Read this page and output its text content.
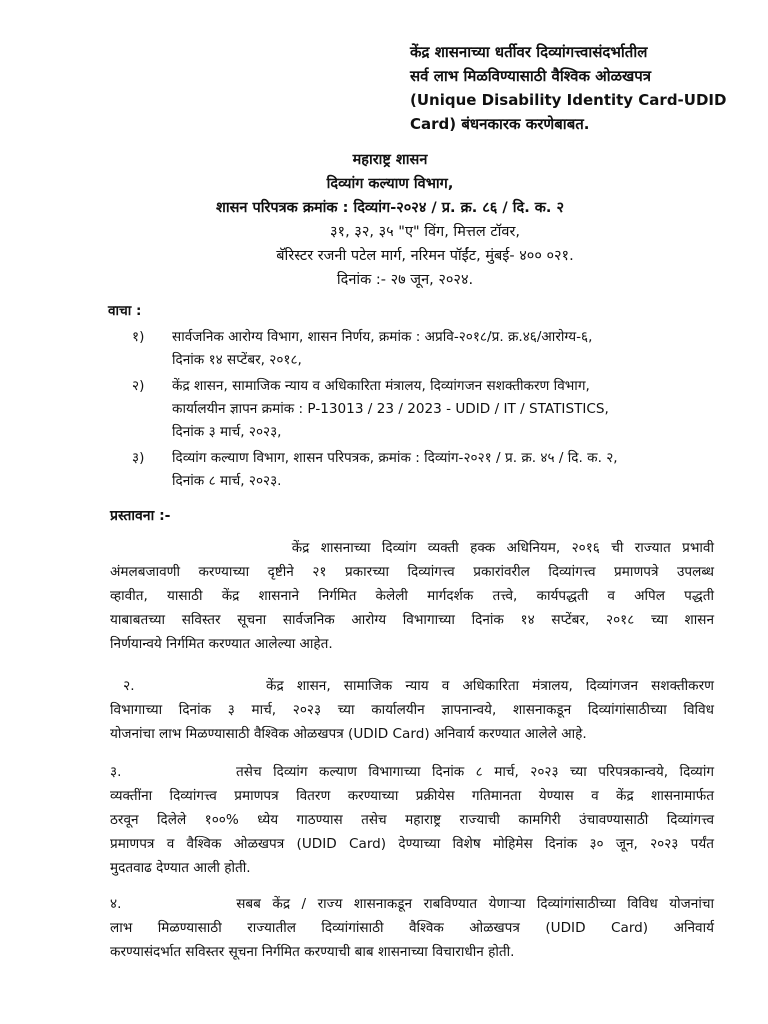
केंद्र शासनाच्या धर्तीवर दिव्यांगत्त्वासंदर्भातील
सर्व लाभ मिळविण्यासाठी वैश्विक ओळखपत्र
(Unique Disability Identity Card-UDID
Card) बंधनकारक करणेबाबत.
महाराष्ट्र शासन
दिव्यांग कल्याण विभाग,
शासन परिपत्रक क्रमांक : दिव्यांग-२०२४ / प्र. क्र. ८६ / दि. क. २
३१, ३२, ३५ "ए" विंग, मित्तल टॉवर,
बॅरिस्टर रजनी पटेल मार्ग, नरिमन पॉईंट, मुंबई- ४०० ०२१.
दिनांक :- २७ जून, २०२४.
वाचा :
१)	सार्वजनिक आरोग्य विभाग, शासन निर्णय, क्रमांक : अप्रवि-२०१८/प्र. क्र.४६/आरोग्य-६,
दिनांक १४ सप्टेंबर, २०१८,
२)	केंद्र शासन, सामाजिक न्याय व अधिकारिता मंत्रालय, दिव्यांगजन सशक्तीकरण विभाग,
कार्यालयीन ज्ञापन क्रमांक : P-13013 / 23 / 2023 - UDID / IT / STATISTICS,
दिनांक ३ मार्च, २०२३,
३)	दिव्यांग कल्याण विभाग, शासन परिपत्रक, क्रमांक : दिव्यांग-२०२१ / प्र. क्र. ४५ / दि. क. २,
दिनांक ८ मार्च, २०२३.
प्रस्तावना :-
केंद्र शासनाच्या दिव्यांग व्यक्ती हक्क अधिनियम, २०१६ ची राज्यात प्रभावी
अंमलबजावणी करण्याच्या दृष्टीने २१ प्रकारच्या दिव्यांगत्त्व प्रकारांवरील दिव्यांगत्त्व प्रमाणपत्रे उपलब्ध
व्हावीत, यासाठी केंद्र शासनाने निर्गमित केलेली मार्गदर्शक तत्त्वे, कार्यपद्धती व अपिल पद्धती
याबाबतच्या सविस्तर सूचना सार्वजनिक आरोग्य विभागाच्या दिनांक १४ सप्टेंबर, २०१८ च्या शासन
निर्णयान्वये निर्गमित करण्यात आलेल्या आहेत.
२.          केंद्र शासन, सामाजिक न्याय व अधिकारिता मंत्रालय, दिव्यांगजन सशक्तीकरण
विभागाच्या दिनांक ३ मार्च, २०२३ च्या कार्यालयीन ज्ञापनान्वये, शासनाकडून दिव्यांगांसाठीच्या विविध
योजनांचा लाभ मिळण्यासाठी वैश्विक ओळखपत्र (UDID Card) अनिवार्य करण्यात आलेले आहे.
३.          तसेच दिव्यांग कल्याण विभागाच्या दिनांक ८ मार्च, २०२३ च्या परिपत्रकान्वये, दिव्यांग
व्यक्तींना दिव्यांगत्त्व प्रमाणपत्र वितरण करण्याच्या प्रक्रीयेस गतिमानता येण्यास व केंद्र शासनामार्फत
ठरवून दिलेले १००% ध्येय गाठण्यास तसेच महाराष्ट्र राज्याची कामगिरी उंचावण्यासाठी दिव्यांगत्त्व
प्रमाणपत्र व वैश्विक ओळखपत्र (UDID Card) देण्याच्या विशेष मोहिमेस दिनांक ३० जून, २०२३ पर्यंत
मुदतवाढ देण्यात आली होती.
४.          सबब केंद्र / राज्य शासनाकडून राबविण्यात येणाऱ्या दिव्यांगांसाठीच्या विविध योजनांचा
लाभ मिळण्यासाठी राज्यातील दिव्यांगांसाठी वैश्विक ओळखपत्र (UDID Card) अनिवार्य
करण्यासंदर्भात सविस्तर सूचना निर्गमित करण्याची बाब शासनाच्या विचाराधीन होती.
